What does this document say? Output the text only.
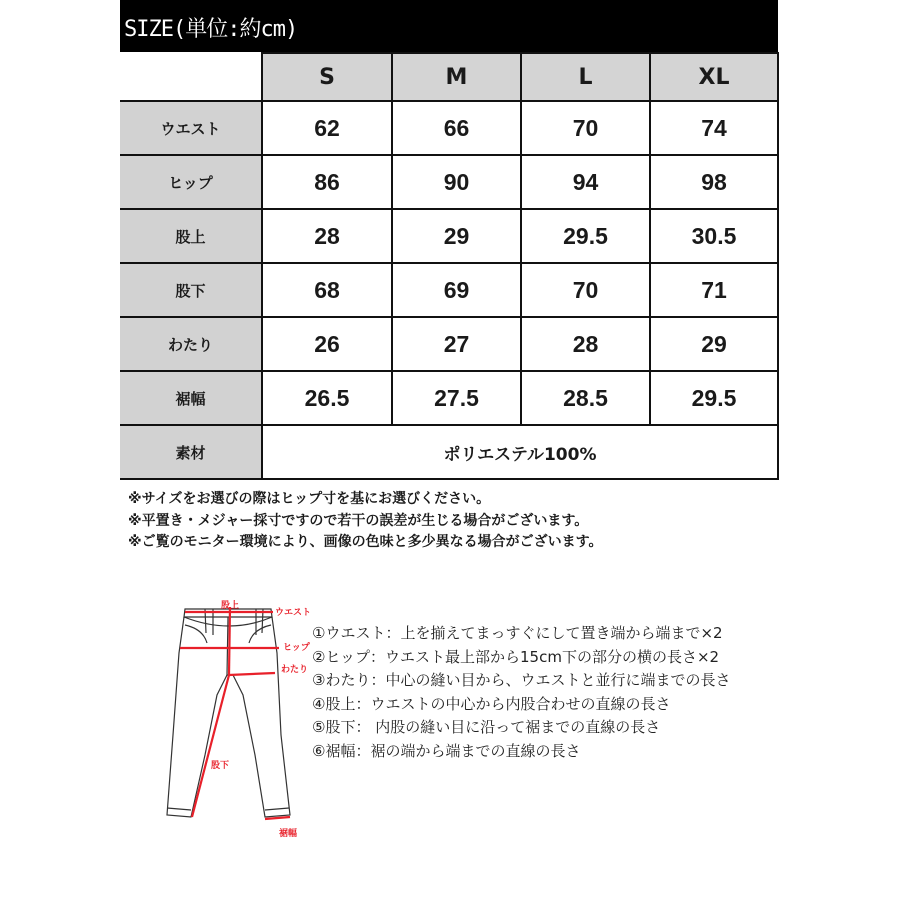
SIZE(単位:約cm)
	S	M	L	XL
ウエスト	62	66	70	74
ヒップ	86	90	94	98
股上	28	29	29.5	30.5
股下	68	69	70	71
わたり	26	27	28	29
裾幅	26.5	27.5	28.5	29.5
素材	ポリエステル100%			
※サイズをお選びの際はヒップ寸を基にお選びください。
※平置き・メジャー採寸ですので若干の誤差が生じる場合がございます。
※ご覧のモニター環境により、画像の色味と多少異なる場合がございます。
股上
ウエスト
ヒップ
わたり
股下
裾幅
①ウエスト：上を揃えてまっすぐにして置き端から端まで×2
②ヒップ：ウエスト最上部から15cm下の部分の横の長さ×2
③わたり：中心の縫い目から、ウエストと並行に端までの長さ
④股上：ウエストの中心から内股合わせの直線の長さ
⑤股下： 内股の縫い目に沿って裾までの直線の長さ
⑥裾幅：裾の端から端までの直線の長さ
